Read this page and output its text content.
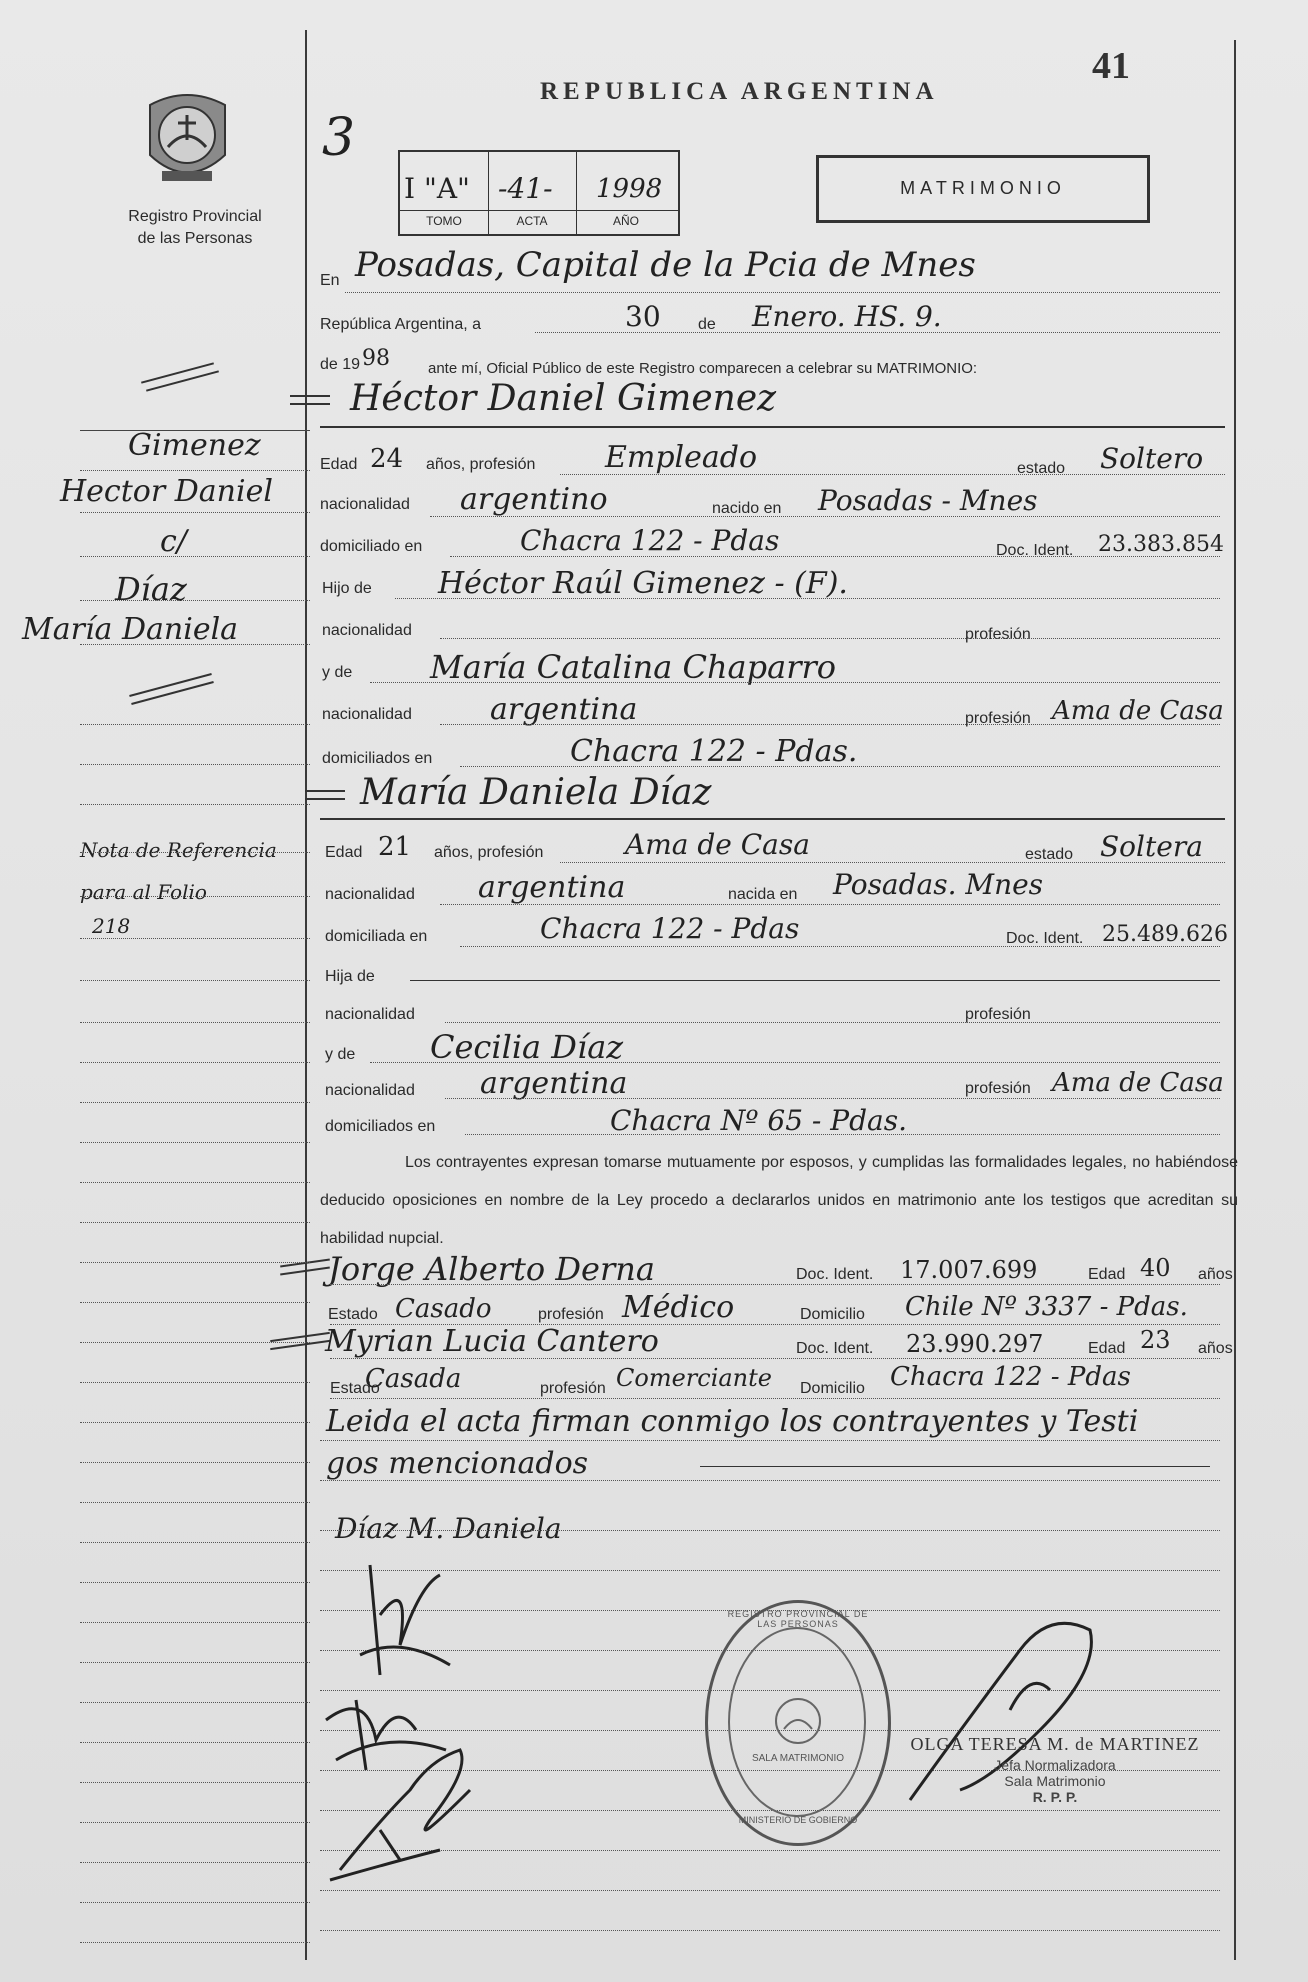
41
REPUBLICA ARGENTINA
Registro Provincial
de las Personas
3
I "A" -41- 1998
TOMO	ACTA	AÑO
MATRIMONIO
En Posadas, Capital de la Pcia de Mnes
República Argentina, a	30 de Enero. HS. 9.
de 19 98	ante mí, Oficial Público de este Registro comparecen a celebrar su MATRIMONIO:
Héctor Daniel Gimenez
Edad 24 años, profesión Empleado	estado Soltero
nacionalidad argentino	nacido en Posadas - Mnes
domiciliado en	Chacra 122 - Pdas	Doc. Ident. 23.383.854
Hijo de Héctor Raúl Gimenez - (F).
nacionalidad	profesión
y de María Catalina Chaparro
nacionalidad	argentina	profesión Ama de Casa
domiciliados en	Chacra 122 - Pdas.
María Daniela Díaz
Edad 21 años, profesión	Ama de Casa	estado Soltera
nacionalidad argentina	nacida en Posadas. Mnes
domiciliada en	Chacra 122 - Pdas	Doc. Ident. 25.489.626
Hija de
nacionalidad	profesión
y de Cecilia Díaz
nacionalidad argentina	profesión Ama de Casa
domiciliados en	Chacra Nº 65 - Pdas.
Los contrayentes expresan tomarse mutuamente por esposos, y cumplidas las formalidades legales, no habiéndose deducido oposiciones en nombre de la Ley procedo a declararlos unidos en matrimonio ante los testigos que acreditan su habilidad nupcial.
Jorge Alberto Derna	Doc. Ident. 17.007.699	Edad 40 años
Estado Casado	profesión Médico	Domicilio Chile Nº 3337 - Pdas.
Myrian Lucia Cantero	Doc. Ident. 23.990.297	Edad 23 años
Estado
Casada	profesión Comerciante Domicilio Chacra 122 - Pdas
Leida el acta firman conmigo los contrayentes y Testi
gos mencionados
Díaz M. Daniela
REGISTRO PROVINCIAL DE LAS PERSONAS
SALA MATRIMONIO
MINISTERIO DE GOBIERNO
OLGA TERESA M. de MARTINEZ
Jefa Normalizadora
Sala Matrimonio
R. P. P.
Gimenez
Hector Daniel
c/
Díaz
María Daniela
Nota de Referencia
para al Folio
218
